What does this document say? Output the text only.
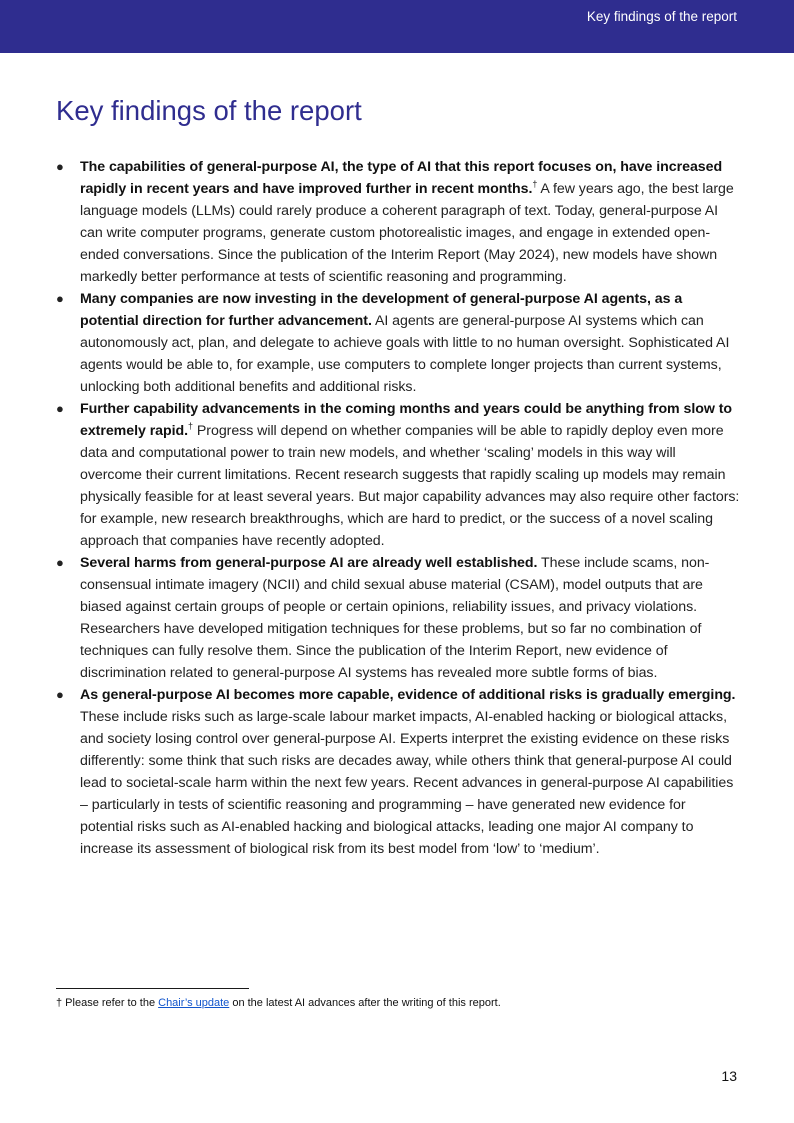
Key findings of the report
Key findings of the report
● The capabilities of general-purpose AI, the type of AI that this report focuses on, have increased rapidly in recent years and have improved further in recent months.† A few years ago, the best large language models (LLMs) could rarely produce a coherent paragraph of text. Today, general-purpose AI can write computer programs, generate custom photorealistic images, and engage in extended open-ended conversations. Since the publication of the Interim Report (May 2024), new models have shown markedly better performance at tests of scientific reasoning and programming.
● Many companies are now investing in the development of general-purpose AI agents, as a potential direction for further advancement. AI agents are general-purpose AI systems which can autonomously act, plan, and delegate to achieve goals with little to no human oversight. Sophisticated AI agents would be able to, for example, use computers to complete longer projects than current systems, unlocking both additional benefits and additional risks.
● Further capability advancements in the coming months and years could be anything from slow to extremely rapid.† Progress will depend on whether companies will be able to rapidly deploy even more data and computational power to train new models, and whether ‘scaling’ models in this way will overcome their current limitations. Recent research suggests that rapidly scaling up models may remain physically feasible for at least several years. But major capability advances may also require other factors: for example, new research breakthroughs, which are hard to predict, or the success of a novel scaling approach that companies have recently adopted.
● Several harms from general-purpose AI are already well established. These include scams, non-consensual intimate imagery (NCII) and child sexual abuse material (CSAM), model outputs that are biased against certain groups of people or certain opinions, reliability issues, and privacy violations. Researchers have developed mitigation techniques for these problems, but so far no combination of techniques can fully resolve them. Since the publication of the Interim Report, new evidence of discrimination related to general-purpose AI systems has revealed more subtle forms of bias.
● As general-purpose AI becomes more capable, evidence of additional risks is gradually emerging. These include risks such as large-scale labour market impacts, AI-enabled hacking or biological attacks, and society losing control over general-purpose AI. Experts interpret the existing evidence on these risks differently: some think that such risks are decades away, while others think that general-purpose AI could lead to societal-scale harm within the next few years. Recent advances in general-purpose AI capabilities – particularly in tests of scientific reasoning and programming – have generated new evidence for potential risks such as AI-enabled hacking and biological attacks, leading one major AI company to increase its assessment of biological risk from its best model from ‘low’ to ‘medium’.
† Please refer to the Chair’s update on the latest AI advances after the writing of this report.
13
